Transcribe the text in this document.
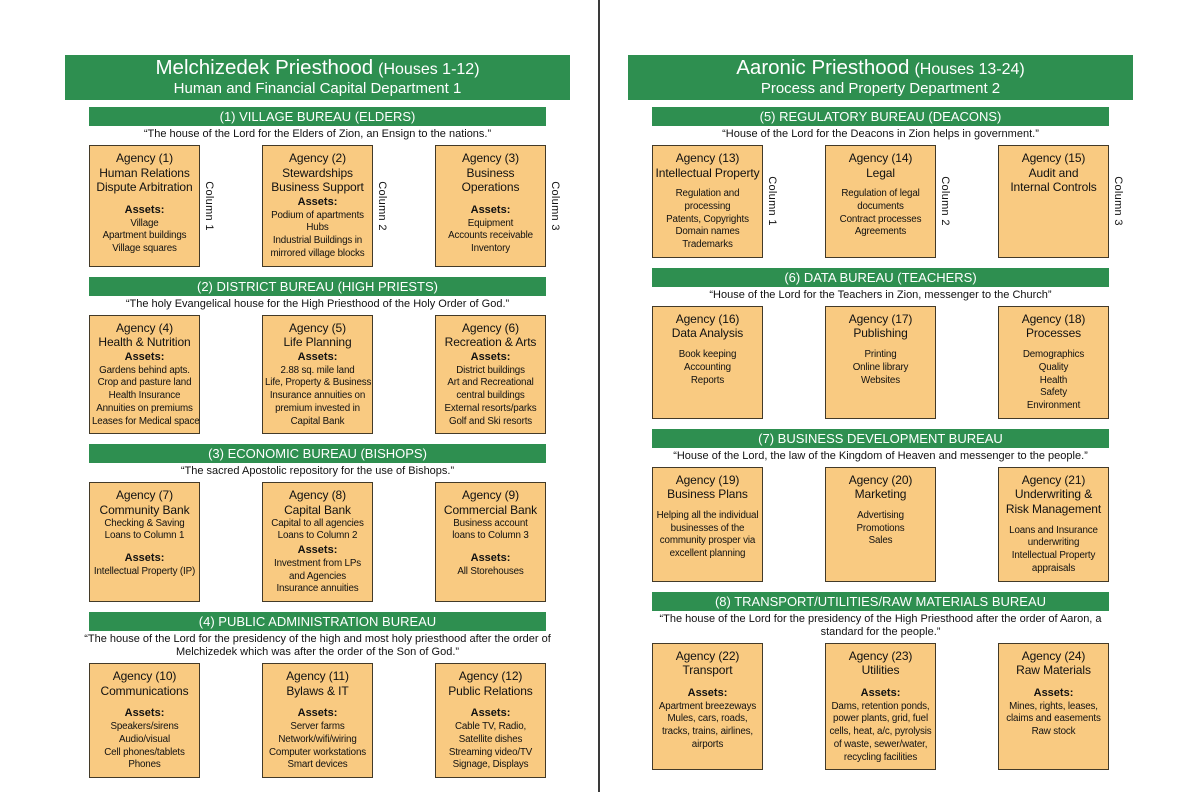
Melchizedek Priesthood (Houses 1-12)
Human and Financial Capital Department 1
(1) VILLAGE BUREAU (ELDERS)
“The house of the Lord for the Elders of Zion, an Ensign to the nations.”
Agency (1)
Human Relations
Dispute Arbitration
Assets:
Village
Apartment buildings
Village squares
Column 1
Agency (2)
Stewardships
Business Support
Assets:
Podium of apartments
Hubs
Industrial Buildings in
mirrored village blocks
Column 2
Agency (3)
Business
Operations
Assets:
Equipment
Accounts receivable
Inventory
Column 3
(2) DISTRICT BUREAU (HIGH PRIESTS)
“The holy Evangelical house for the High Priesthood of the Holy Order of God.”
Agency (4)
Health & Nutrition
Assets:
Gardens behind apts.
Crop and pasture land
Health Insurance
Annuities on premiums
Leases for Medical space
Agency (5)
Life Planning
Assets:
2.88 sq. mile land
Life, Property & Business
Insurance annuities on
premium invested in
Capital Bank
Agency (6)
Recreation & Arts
Assets:
District buildings
Art and Recreational
central buildings
External resorts/parks
Golf and Ski resorts
(3) ECONOMIC BUREAU (BISHOPS)
“The sacred Apostolic repository for the use of Bishops.”
Agency (7)
Community Bank
Checking & Saving
Loans to Column 1
Assets:
Intellectual Property (IP)
Agency (8)
Capital Bank
Capital to all agencies
Loans to Column 2
Assets:
Investment from LPs
and Agencies
Insurance annuities
Agency (9)
Commercial Bank
Business account
loans to Column 3
Assets:
All Storehouses
(4) PUBLIC ADMINISTRATION BUREAU
“The house of the Lord for the presidency of the high and most holy priesthood after the order of Melchizedek which was after the order of the Son of God.”
Agency (10)
Communications
Assets:
Speakers/sirens
Audio/visual
Cell phones/tablets
Phones
Agency (11)
Bylaws & IT
Assets:
Server farms
Network/wifi/wiring
Computer workstations
Smart devices
Agency (12)
Public Relations
Assets:
Cable TV, Radio,
Satellite dishes
Streaming video/TV
Signage, Displays
Aaronic Priesthood (Houses 13-24)
Process and Property Department 2
(5) REGULATORY BUREAU (DEACONS)
“House of the Lord for the Deacons in Zion helps in government.”
Agency (13)
Intellectual Property
Regulation and
processing
Patents, Copyrights
Domain names
Trademarks
Column 1
Agency (14)
Legal
Regulation of legal
documents
Contract processes
Agreements
Column 2
Agency (15)
Audit and
Internal Controls	Column 3
(6) DATA BUREAU (TEACHERS)
“House of the Lord for the Teachers in Zion, messenger to the Church”
Agency (16)
Data Analysis
Book keeping
Accounting
Reports
Agency (17)
Publishing
Printing
Online library
Websites
Agency (18)
Processes
Demographics
Quality
Health
Safety
Environment
(7) BUSINESS DEVELOPMENT BUREAU
“House of the Lord, the law of the Kingdom of Heaven and messenger to the people.”
Agency (19)
Business Plans
Helping all the individual
businesses of the
community prosper via
excellent planning
Agency (20)
Marketing
Advertising
Promotions
Sales
Agency (21)
Underwriting &
Risk Management
Loans and Insurance
underwriting
Intellectual Property
appraisals
(8) TRANSPORT/UTILITIES/RAW MATERIALS BUREAU
“The house of the Lord for the presidency of the High Priesthood after the order of Aaron, a standard for the people.”
Agency (22)
Transport
Assets:
Apartment breezeways
Mules, cars, roads,
tracks, trains, airlines,
airports
Agency (23)
Utilities
Assets:
Dams, retention ponds,
power plants, grid, fuel
cells, heat, a/c, pyrolysis
of waste, sewer/water,
recycling facilities
Agency (24)
Raw Materials
Assets:
Mines, rights, leases,
claims and easements
Raw stock
